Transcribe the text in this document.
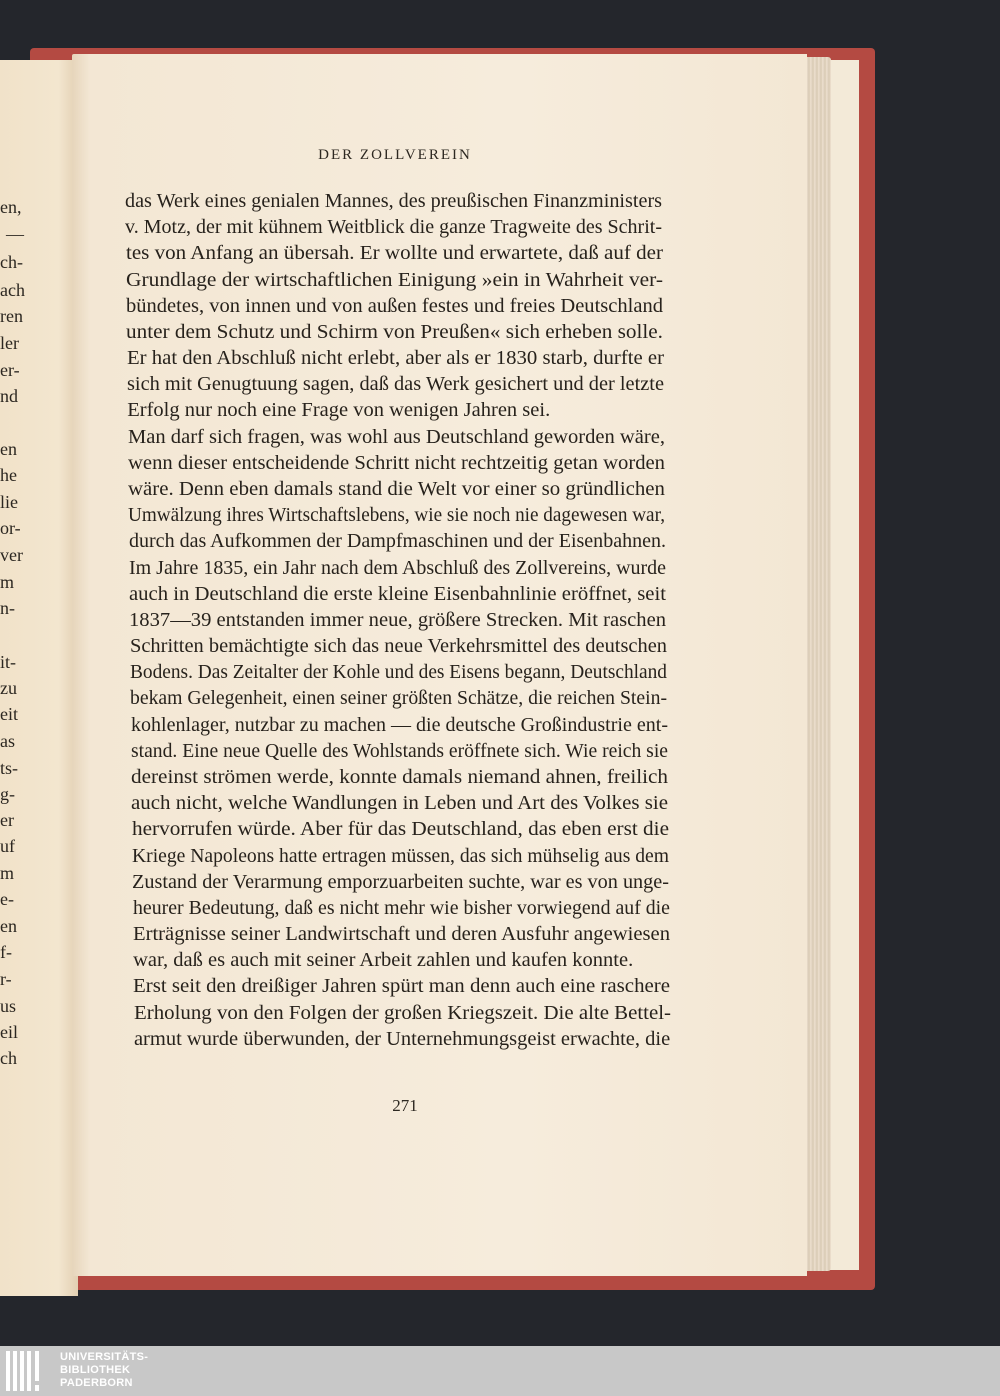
en,
—
ch-
ach
ren
ler
er-
nd
en
he
lie
or-
ver
m
n-
it-
zu
eit
as
ts-
g-
er
uf
m
e-
en
f-
r-
us
eil
ch
DER ZOLLVEREIN
das Werk eines genialen Mannes, des preußischen Finanzministers
v. Motz, der mit kühnem Weitblick die ganze Tragweite des Schrit-
tes von Anfang an übersah. Er wollte und erwartete, daß auf der
Grundlage der wirtschaftlichen Einigung »ein in Wahrheit ver-
bündetes, von innen und von außen festes und freies Deutschland
unter dem Schutz und Schirm von Preußen« sich erheben solle.
Er hat den Abschluß nicht erlebt, aber als er 1830 starb, durfte er
sich mit Genugtuung sagen, daß das Werk gesichert und der letzte
Erfolg nur noch eine Frage von wenigen Jahren sei.
Man darf sich fragen, was wohl aus Deutschland geworden wäre,
wenn dieser entscheidende Schritt nicht rechtzeitig getan worden
wäre. Denn eben damals stand die Welt vor einer so gründlichen
Umwälzung ihres Wirtschaftslebens, wie sie noch nie dagewesen war,
durch das Aufkommen der Dampfmaschinen und der Eisenbahnen.
Im Jahre 1835, ein Jahr nach dem Abschluß des Zollvereins, wurde
auch in Deutschland die erste kleine Eisenbahnlinie eröffnet, seit
1837—39 entstanden immer neue, größere Strecken. Mit raschen
Schritten bemächtigte sich das neue Verkehrsmittel des deutschen
Bodens. Das Zeitalter der Kohle und des Eisens begann, Deutschland
bekam Gelegenheit, einen seiner größten Schätze, die reichen Stein-
kohlenlager, nutzbar zu machen — die deutsche Großindustrie ent-
stand. Eine neue Quelle des Wohlstands eröffnete sich. Wie reich sie
dereinst strömen werde, konnte damals niemand ahnen, freilich
auch nicht, welche Wandlungen in Leben und Art des Volkes sie
hervorrufen würde. Aber für das Deutschland, das eben erst die
Kriege Napoleons hatte ertragen müssen, das sich mühselig aus dem
Zustand der Verarmung emporzuarbeiten suchte, war es von unge-
heurer Bedeutung, daß es nicht mehr wie bisher vorwiegend auf die
Erträgnisse seiner Landwirtschaft und deren Ausfuhr angewiesen
war, daß es auch mit seiner Arbeit zahlen und kaufen konnte.
Erst seit den dreißiger Jahren spürt man denn auch eine raschere
Erholung von den Folgen der großen Kriegszeit. Die alte Bettel-
armut wurde überwunden, der Unternehmungsgeist erwachte, die
271
UNIVERSITÄTS-
BIBLIOTHEK
PADERBORN
